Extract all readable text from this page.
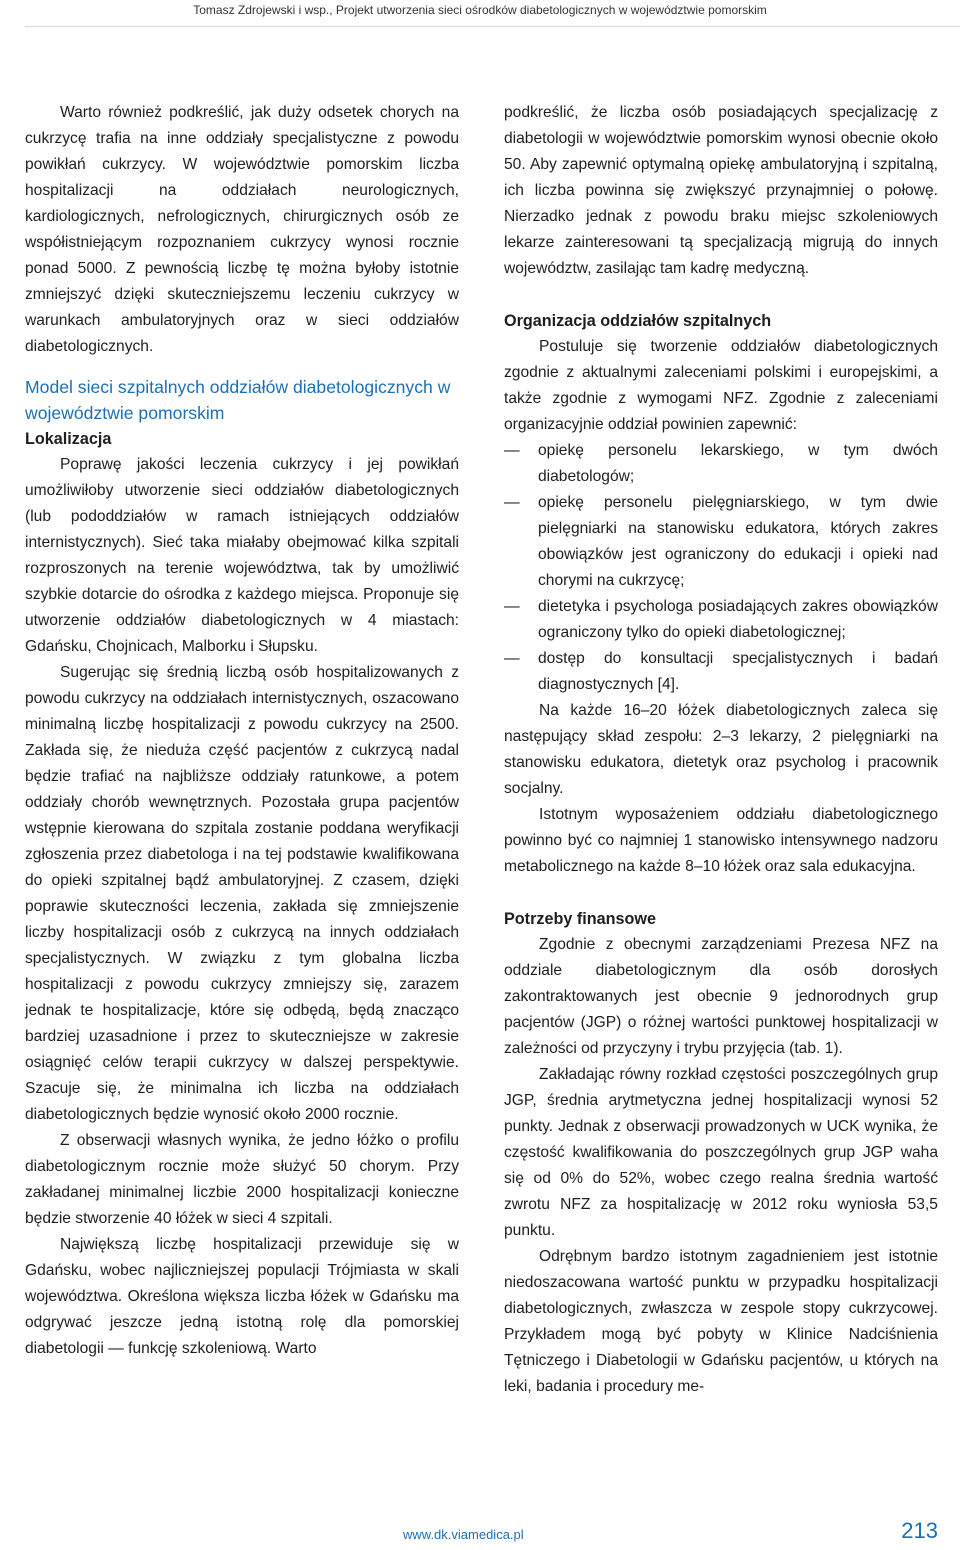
Tomasz Zdrojewski i wsp., Projekt utworzenia sieci ośrodków diabetologicznych w województwie pomorskim

Warto również podkreślić, jak duży odsetek chorych na cukrzycę trafia na inne oddziały specjalistyczne z powodu powikłań cukrzycy. W województwie pomorskim liczba hospitalizacji na oddziałach neurologicznych, kardiologicznych, nefrologicznych, chirurgicznych osób ze współistniejącym rozpoznaniem cukrzycy wynosi rocznie ponad 5000. Z pewnością liczbę tę można byłoby istotnie zmniejszyć dzięki skuteczniejszemu leczeniu cukrzycy w warunkach ambulatoryjnych oraz w sieci oddziałów diabetologicznych.

Model sieci szpitalnych oddziałów diabetologicznych w województwie pomorskim
Lokalizacja

Poprawę jakości leczenia cukrzycy i jej powikłań umożliwiłoby utworzenie sieci oddziałów diabetologicznych (lub pododdziałów w ramach istniejących oddziałów internistycznych). Sieć taka miałaby obejmować kilka szpitali rozproszonych na terenie województwa, tak by umożliwić szybkie dotarcie do ośrodka z każdego miejsca. Proponuje się utworzenie oddziałów diabetologicznych w 4 miastach: Gdańsku, Chojnicach, Malborku i Słupsku.

Sugerując się średnią liczbą osób hospitalizowanych z powodu cukrzycy na oddziałach internistycznych, oszacowano minimalną liczbę hospitalizacji z powodu cukrzycy na 2500. Zakłada się, że nieduża część pacjentów z cukrzycą nadal będzie trafiać na najbliższe oddziały ratunkowe, a potem oddziały chorób wewnętrznych. Pozostała grupa pacjentów wstępnie kierowana do szpitala zostanie poddana weryfikacji zgłoszenia przez diabetologa i na tej podstawie kwalifikowana do opieki szpitalnej bądź ambulatoryjnej. Z czasem, dzięki poprawie skuteczności leczenia, zakłada się zmniejszenie liczby hospitalizacji osób z cukrzycą na innych oddziałach specjalistycznych. W związku z tym globalna liczba hospitalizacji z powodu cukrzycy zmniejszy się, zarazem jednak te hospitalizacje, które się odbędą, będą znacząco bardziej uzasadnione i przez to skuteczniejsze w zakresie osiągnięć celów terapii cukrzycy w dalszej perspektywie. Szacuje się, że minimalna ich liczba na oddziałach diabetologicznych będzie wynosić około 2000 rocznie.

Z obserwacji własnych wynika, że jedno łóżko o profilu diabetologicznym rocznie może służyć 50 chorym. Przy zakładanej minimalnej liczbie 2000 hospitalizacji konieczne będzie stworzenie 40 łóżek w sieci 4 szpitali.

Największą liczbę hospitalizacji przewiduje się w Gdańsku, wobec najliczniejszej populacji Trójmiasta w skali województwa. Określona większa liczba łóżek w Gdańsku ma odgrywać jeszcze jedną istotną rolę dla pomorskiej diabetologii — funkcję szkoleniową. Warto

podkreślić, że liczba osób posiadających specjalizację z diabetologii w województwie pomorskim wynosi obecnie około 50. Aby zapewnić optymalną opiekę ambulatoryjną i szpitalną, ich liczba powinna się zwiększyć przynajmniej o połowę. Nierzadko jednak z powodu braku miejsc szkoleniowych lekarze zainteresowani tą specjalizacją migrują do innych województw, zasilając tam kadrę medyczną.

Organizacja oddziałów szpitalnych

Postuluje się tworzenie oddziałów diabetologicznych zgodnie z aktualnymi zaleceniami polskimi i europejskimi, a także zgodnie z wymogami NFZ. Zgodnie z zaleceniami organizacyjnie oddział powinien zapewnić:

— opiekę personelu lekarskiego, w tym dwóch diabetologów;
— opiekę personelu pielęgniarskiego, w tym dwie pielęgniarki na stanowisku edukatora, których zakres obowiązków jest ograniczony do edukacji i opieki nad chorymi na cukrzycę;
— dietetyka i psychologa posiadających zakres obowiązków ograniczony tylko do opieki diabetologicznej;
— dostęp do konsultacji specjalistycznych i badań diagnostycznych [4].

Na każde 16–20 łóżek diabetologicznych zaleca się następujący skład zespołu: 2–3 lekarzy, 2 pielęgniarki na stanowisku edukatora, dietetyk oraz psycholog i pracownik socjalny.

Istotnym wyposażeniem oddziału diabetologicznego powinno być co najmniej 1 stanowisko intensywnego nadzoru metabolicznego na każde 8–10 łóżek oraz sala edukacyjna.

Potrzeby finansowe

Zgodnie z obecnymi zarządzeniami Prezesa NFZ na oddziale diabetologicznym dla osób dorosłych zakontraktowanych jest obecnie 9 jednorodnych grup pacjentów (JGP) o różnej wartości punktowej hospitalizacji w zależności od przyczyny i trybu przyjęcia (tab. 1).

Zakładając równy rozkład częstości poszczególnych grup JGP, średnia arytmetyczna jednej hospitalizacji wynosi 52 punkty. Jednak z obserwacji prowadzonych w UCK wynika, że częstość kwalifikowania do poszczególnych grup JGP waha się od 0% do 52%, wobec czego realna średnia wartość zwrotu NFZ za hospitalizację w 2012 roku wyniosła 53,5 punktu.

Odrębnym bardzo istotnym zagadnieniem jest istotnie niedoszacowana wartość punktu w przypadku hospitalizacji diabetologicznych, zwłaszcza w zespole stopy cukrzycowej. Przykładem mogą być pobyty w Klinice Nadciśnienia Tętniczego i Diabetologii w Gdańsku pacjentów, u których na leki, badania i procedury me-

www.dk.viamedica.pl	213
